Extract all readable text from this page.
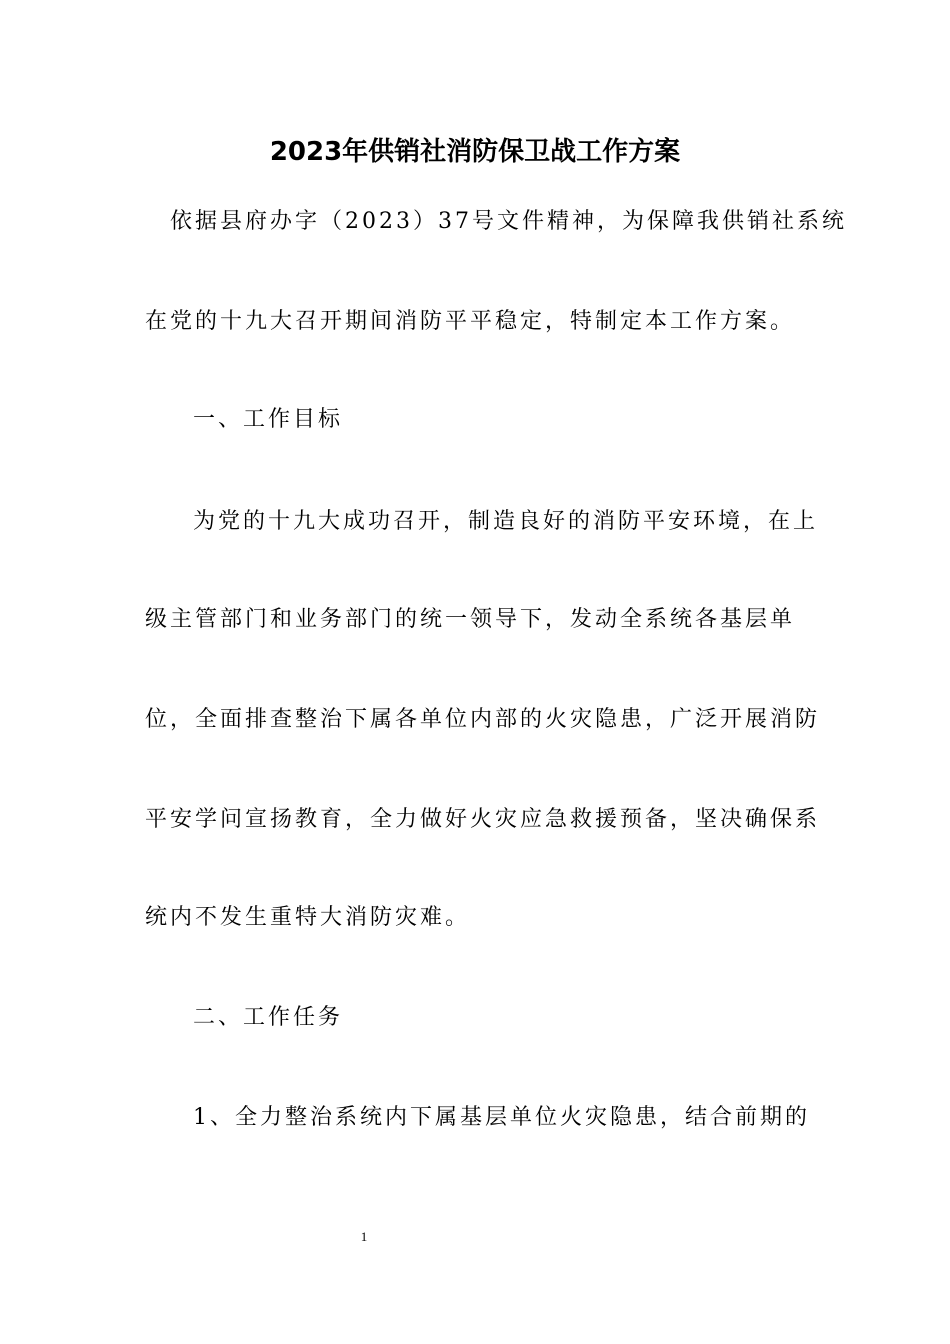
2023年供销社消防保卫战工作方案
依据县府办字（2023）37号文件精神，为保障我供销社系统
在党的十九大召开期间消防平平稳定，特制定本工作方案。
一、工作目标
为党的十九大成功召开，制造良好的消防平安环境，在上
级主管部门和业务部门的统一领导下，发动全系统各基层单
位，全面排查整治下属各单位内部的火灾隐患，广泛开展消防
平安学问宣扬教育，全力做好火灾应急救援预备，坚决确保系
统内不发生重特大消防灾难。
二、工作任务
1、全力整治系统内下属基层单位火灾隐患，结合前期的
1
